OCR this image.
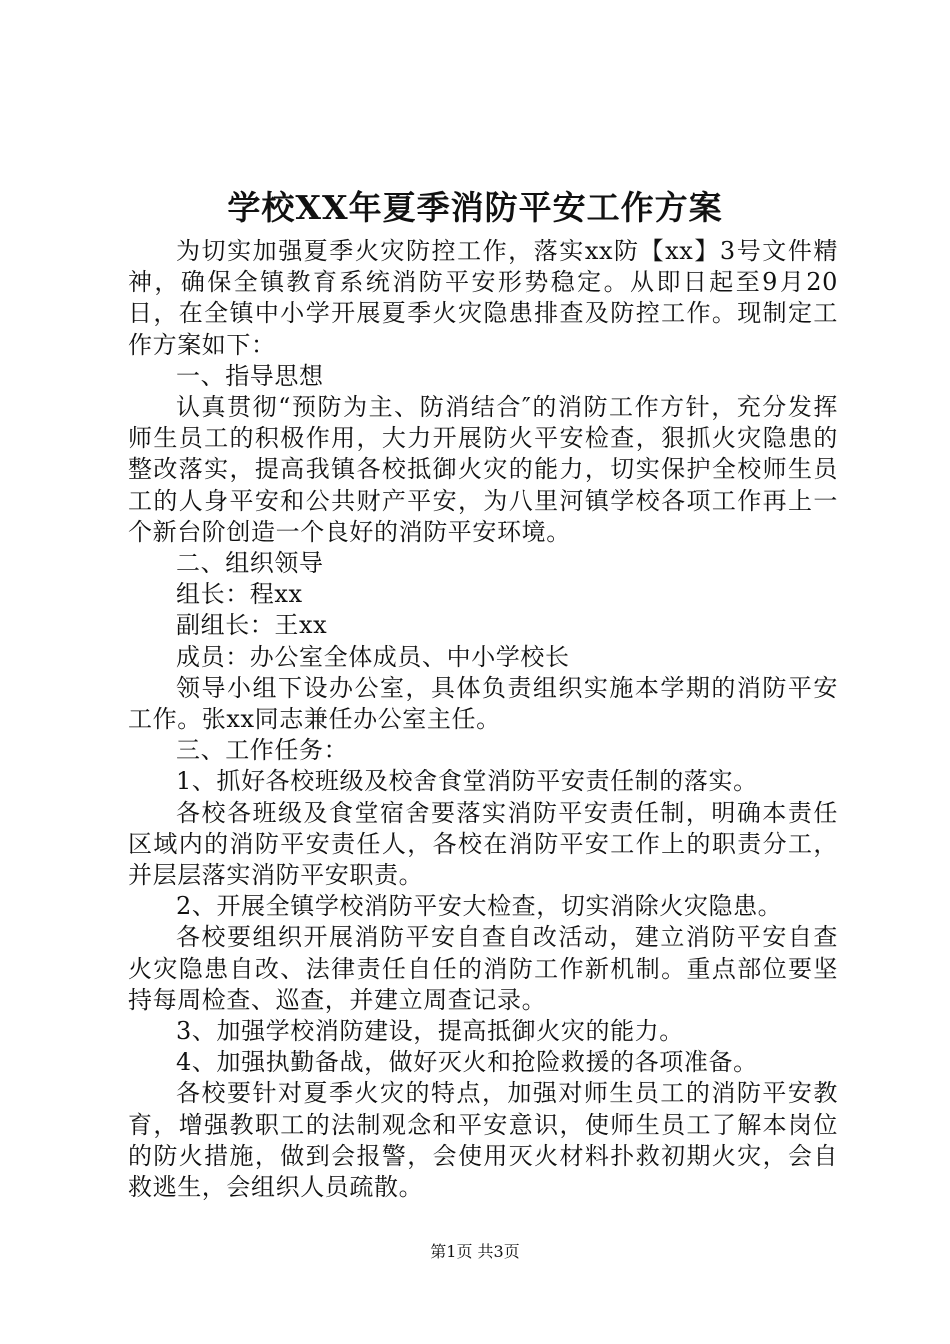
学校XX年夏季消防平安工作方案

为切实加强夏季火灾防控工作，落实xx防【xx】3号文件精神，确保全镇教育系统消防平安形势稳定。从即日起至9月20日，在全镇中小学开展夏季火灾隐患排查及防控工作。现制定工作方案如下：

一、指导思想

认真贯彻“预防为主、防消结合″的消防工作方针，充分发挥师生员工的积极作用，大力开展防火平安检查，狠抓火灾隐患的整改落实，提高我镇各校抵御火灾的能力，切实保护全校师生员工的人身平安和公共财产平安，为八里河镇学校各项工作再上一个新台阶创造一个良好的消防平安环境。

二、组织领导

组长：程xx

副组长：王xx

成员：办公室全体成员、中小学校长

领导小组下设办公室，具体负责组织实施本学期的消防平安工作。张xx同志兼任办公室主任。

三、工作任务：

1、抓好各校班级及校舍食堂消防平安责任制的落实。

各校各班级及食堂宿舍要落实消防平安责任制，明确本责任区域内的消防平安责任人，各校在消防平安工作上的职责分工，并层层落实消防平安职责。

2、开展全镇学校消防平安大检查，切实消除火灾隐患。

各校要组织开展消防平安自查自改活动，建立消防平安自查火灾隐患自改、法律责任自任的消防工作新机制。重点部位要坚持每周检查、巡查，并建立周查记录。

3、加强学校消防建设，提高抵御火灾的能力。

4、加强执勤备战，做好灭火和抢险救援的各项准备。

各校要针对夏季火灾的特点，加强对师生员工的消防平安教育，增强教职工的法制观念和平安意识，使师生员工了解本岗位的防火措施，做到会报警，会使用灭火材料扑救初期火灾，会自救逃生，会组织人员疏散。

第1页 共3页
